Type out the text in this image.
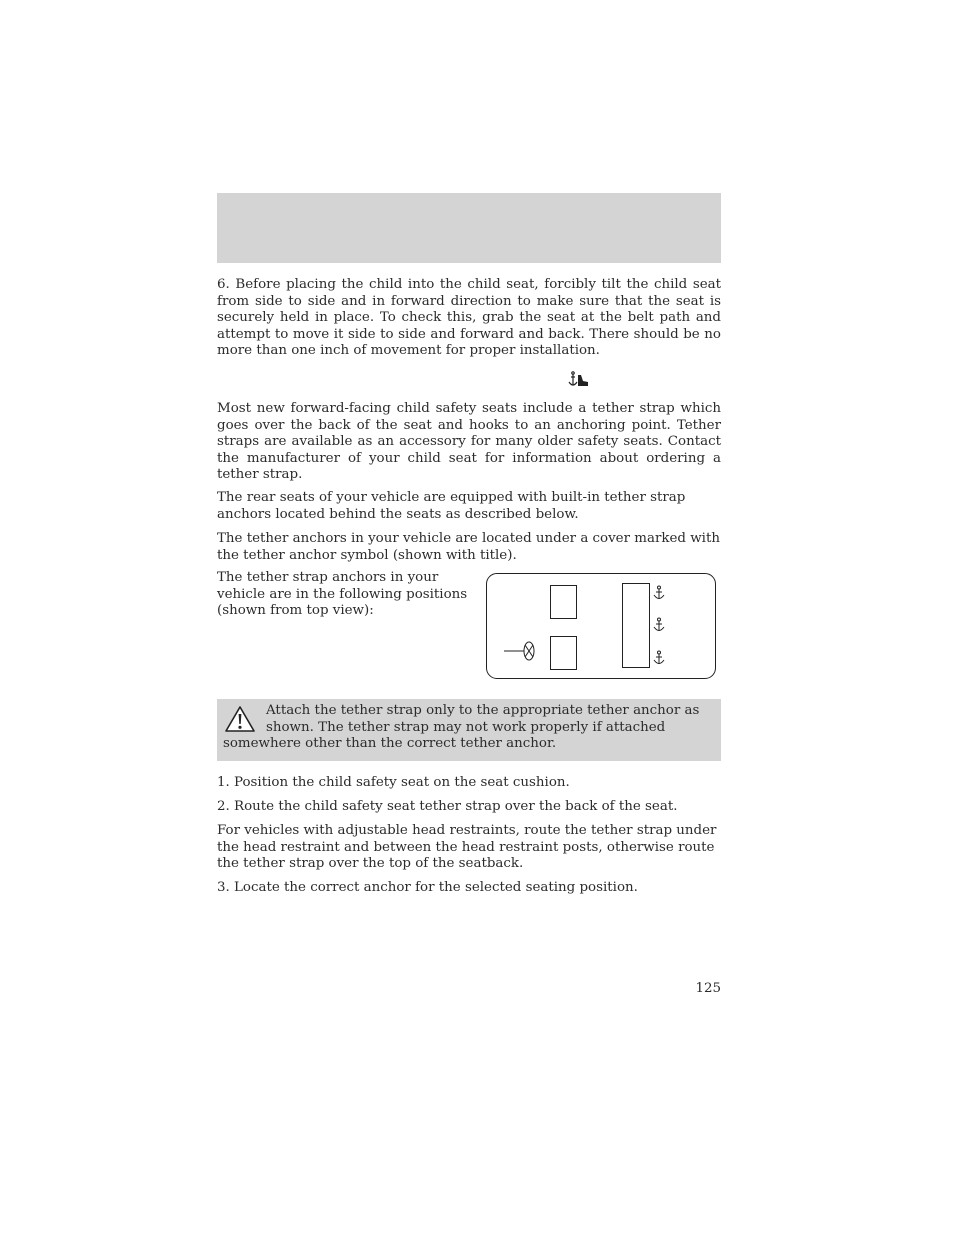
6. Before placing the child into the child seat, forcibly tilt the child seat from side to side and in forward direction to make sure that the seat is securely held in place. To check this, grab the seat at the belt path and attempt to move it side to side and forward and back. There should be no more than one inch of movement for proper installation.

Most new forward-facing child safety seats include a tether strap which goes over the back of the seat and hooks to an anchoring point. Tether straps are available as an accessory for many older safety seats. Contact the manufacturer of your child seat for information about ordering a tether strap.

The rear seats of your vehicle are equipped with built-in tether strap anchors located behind the seats as described below.

The tether anchors in your vehicle are located under a cover marked with the tether anchor symbol (shown with title).

The tether strap anchors in your vehicle are in the following positions (shown from top view):

Attach the tether strap only to the appropriate tether anchor as shown. The tether strap may not work properly if attached somewhere other than the correct tether anchor.

1. Position the child safety seat on the seat cushion.

2. Route the child safety seat tether strap over the back of the seat.

For vehicles with adjustable head restraints, route the tether strap under the head restraint and between the head restraint posts, otherwise route the tether strap over the top of the seatback.

3. Locate the correct anchor for the selected seating position.

125
